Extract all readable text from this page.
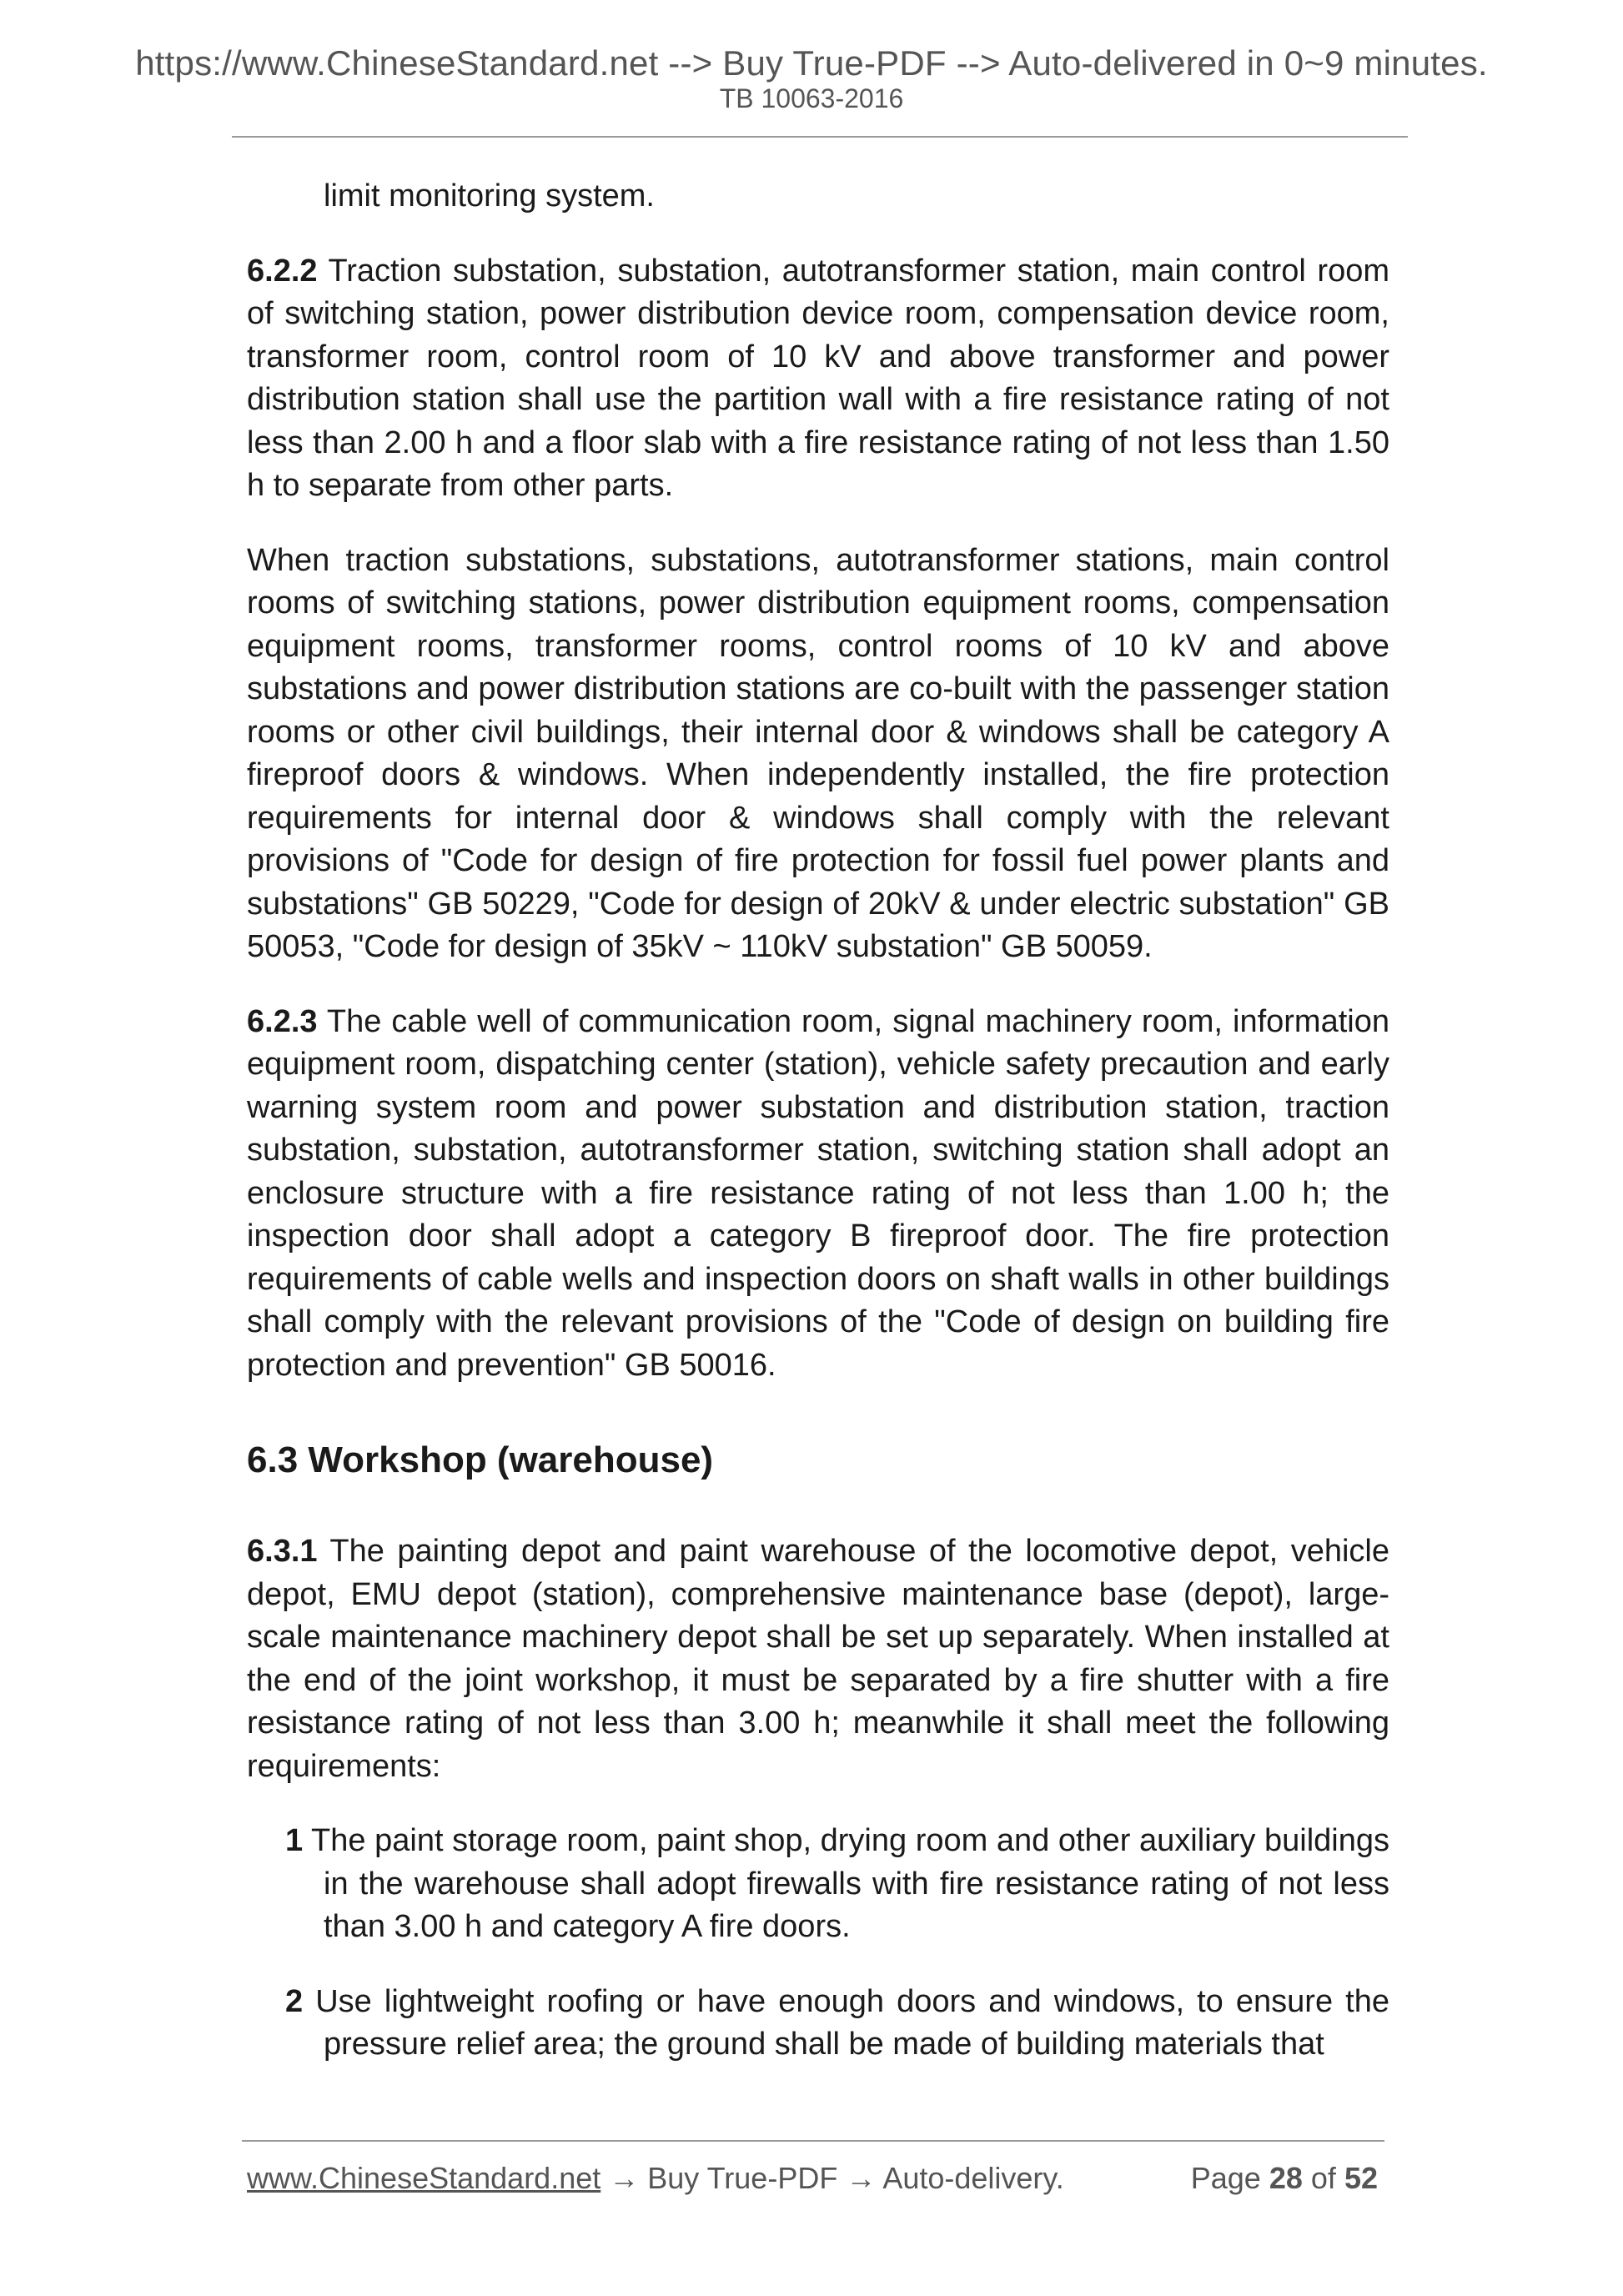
https://www.ChineseStandard.net --> Buy True-PDF --> Auto-delivered in 0~9 minutes.
TB 10063-2016

limit monitoring system.

6.2.2 Traction substation, substation, autotransformer station, main control room of switching station, power distribution device room, compensation device room, transformer room, control room of 10 kV and above transformer and power distribution station shall use the partition wall with a fire resistance rating of not less than 2.00 h and a floor slab with a fire resistance rating of not less than 1.50 h to separate from other parts.

When traction substations, substations, autotransformer stations, main control rooms of switching stations, power distribution equipment rooms, compensation equipment rooms, transformer rooms, control rooms of 10 kV and above substations and power distribution stations are co-built with the passenger station rooms or other civil buildings, their internal door & windows shall be category A fireproof doors & windows. When independently installed, the fire protection requirements for internal door & windows shall comply with the relevant provisions of "Code for design of fire protection for fossil fuel power plants and substations" GB 50229, "Code for design of 20kV & under electric substation" GB 50053, "Code for design of 35kV ~ 110kV substation" GB 50059.

6.2.3 The cable well of communication room, signal machinery room, information equipment room, dispatching center (station), vehicle safety precaution and early warning system room and power substation and distribution station, traction substation, substation, autotransformer station, switching station shall adopt an enclosure structure with a fire resistance rating of not less than 1.00 h; the inspection door shall adopt a category B fireproof door. The fire protection requirements of cable wells and inspection doors on shaft walls in other buildings shall comply with the relevant provisions of the "Code of design on building fire protection and prevention" GB 50016.

6.3 Workshop (warehouse)

6.3.1 The painting depot and paint warehouse of the locomotive depot, vehicle depot, EMU depot (station), comprehensive maintenance base (depot), large-scale maintenance machinery depot shall be set up separately. When installed at the end of the joint workshop, it must be separated by a fire shutter with a fire resistance rating of not less than 3.00 h; meanwhile it shall meet the following requirements:

1 The paint storage room, paint shop, drying room and other auxiliary buildings in the warehouse shall adopt firewalls with fire resistance rating of not less than 3.00 h and category A fire doors.

2 Use lightweight roofing or have enough doors and windows, to ensure the pressure relief area; the ground shall be made of building materials that

www.ChineseStandard.net → Buy True-PDF → Auto-delivery.	Page 28 of 52
